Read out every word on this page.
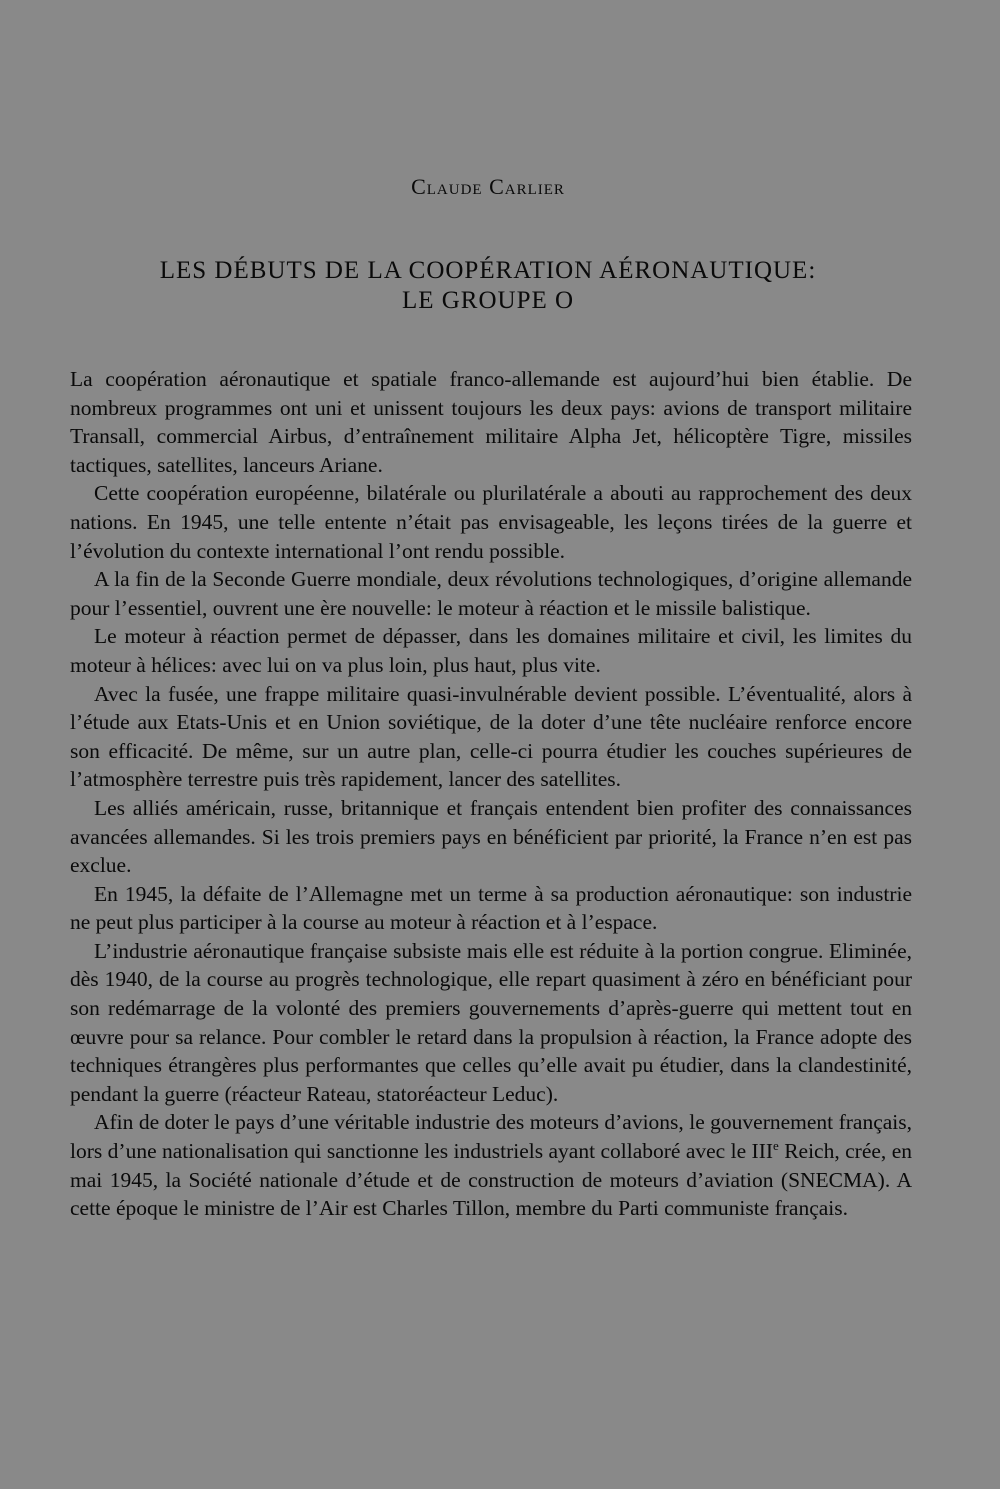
Claude Carlier
LES DÉBUTS DE LA COOPÉRATION AÉRONAUTIQUE:
LE GROUPE O

La coopération aéronautique et spatiale franco-allemande est aujourd’hui bien établie. De nombreux programmes ont uni et unissent toujours les deux pays: avions de transport militaire Transall, commercial Airbus, d’entraînement militaire Alpha Jet, hélicoptère Tigre, missiles tactiques, satellites, lanceurs Ariane.

Cette coopération européenne, bilatérale ou plurilatérale a abouti au rapprochement des deux nations. En 1945, une telle entente n’était pas envisageable, les leçons tirées de la guerre et l’évolution du contexte international l’ont rendu possible.

A la fin de la Seconde Guerre mondiale, deux révolutions technologiques, d’origine allemande pour l’essentiel, ouvrent une ère nouvelle: le moteur à réaction et le missile balistique.

Le moteur à réaction permet de dépasser, dans les domaines militaire et civil, les limites du moteur à hélices: avec lui on va plus loin, plus haut, plus vite.

Avec la fusée, une frappe militaire quasi-invulnérable devient possible. L’éventualité, alors à l’étude aux Etats-Unis et en Union soviétique, de la doter d’une tête nucléaire renforce encore son efficacité. De même, sur un autre plan, celle-ci pourra étudier les couches supérieures de l’atmosphère terrestre puis très rapidement, lancer des satellites.

Les alliés américain, russe, britannique et français entendent bien profiter des connaissances avancées allemandes. Si les trois premiers pays en bénéficient par priorité, la France n’en est pas exclue.

En 1945, la défaite de l’Allemagne met un terme à sa production aéronautique: son industrie ne peut plus participer à la course au moteur à réaction et à l’espace.

L’industrie aéronautique française subsiste mais elle est réduite à la portion congrue. Eliminée, dès 1940, de la course au progrès technologique, elle repart quasiment à zéro en bénéficiant pour son redémarrage de la volonté des premiers gouvernements d’après-guerre qui mettent tout en œuvre pour sa relance. Pour combler le retard dans la propulsion à réaction, la France adopte des techniques étrangères plus performantes que celles qu’elle avait pu étudier, dans la clandestinité, pendant la guerre (réacteur Rateau, statoréacteur Leduc).

Afin de doter le pays d’une véritable industrie des moteurs d’avions, le gouvernement français, lors d’une nationalisation qui sanctionne les industriels ayant collaboré avec le IIIe Reich, crée, en mai 1945, la Société nationale d’étude et de construction de moteurs d’aviation (SNECMA). A cette époque le ministre de l’Air est Charles Tillon, membre du Parti communiste français.
